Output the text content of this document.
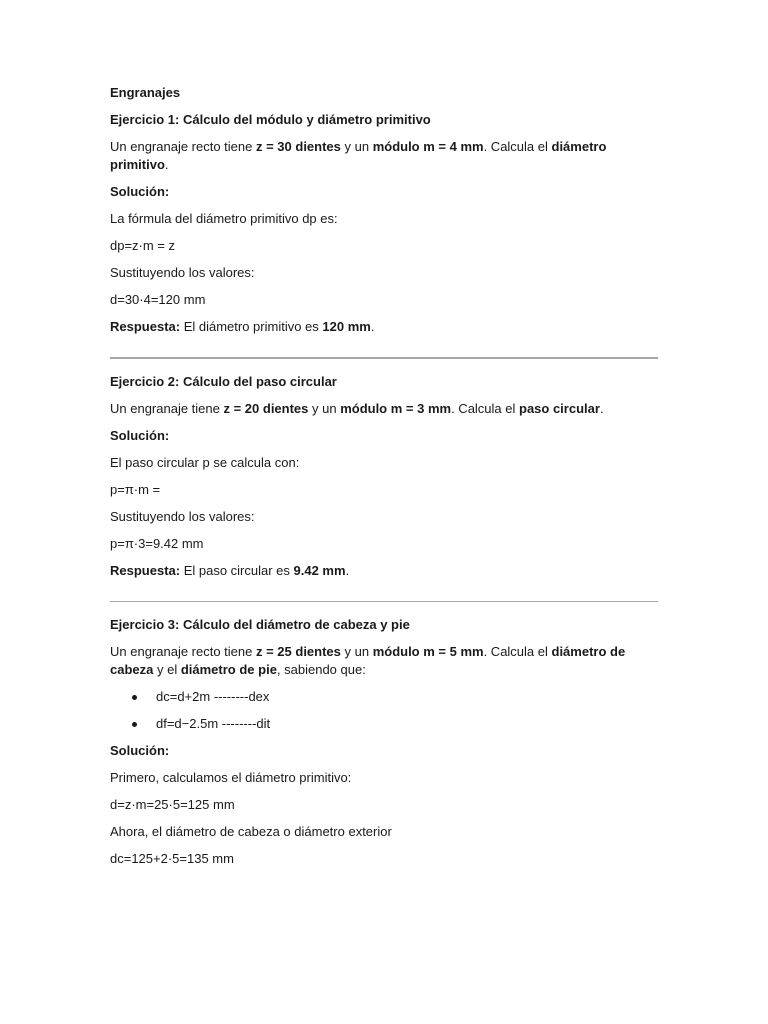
Engranajes

Ejercicio 1: Cálculo del módulo y diámetro primitivo

Un engranaje recto tiene z = 30 dientes y un módulo m = 4 mm. Calcula el diámetro primitivo.

Solución:

La fórmula del diámetro primitivo dp es:

dp=z·m = z

Sustituyendo los valores:

d=30·4=120 mm

Respuesta: El diámetro primitivo es 120 mm.

Ejercicio 2: Cálculo del paso circular

Un engranaje tiene z = 20 dientes y un módulo m = 3 mm. Calcula el paso circular.

Solución:

El paso circular p se calcula con:

p=π·m =

Sustituyendo los valores:

p=π·3=9.42 mm

Respuesta: El paso circular es 9.42 mm.

Ejercicio 3: Cálculo del diámetro de cabeza y pie

Un engranaje recto tiene z = 25 dientes y un módulo m = 5 mm. Calcula el diámetro de cabeza y el diámetro de pie, sabiendo que:

dc=d+2m --------dex
df=d−2.5m --------dit

Solución:

Primero, calculamos el diámetro primitivo:

d=z·m=25·5=125 mm

Ahora, el diámetro de cabeza o diámetro exterior

dc=125+2·5=135 mm
